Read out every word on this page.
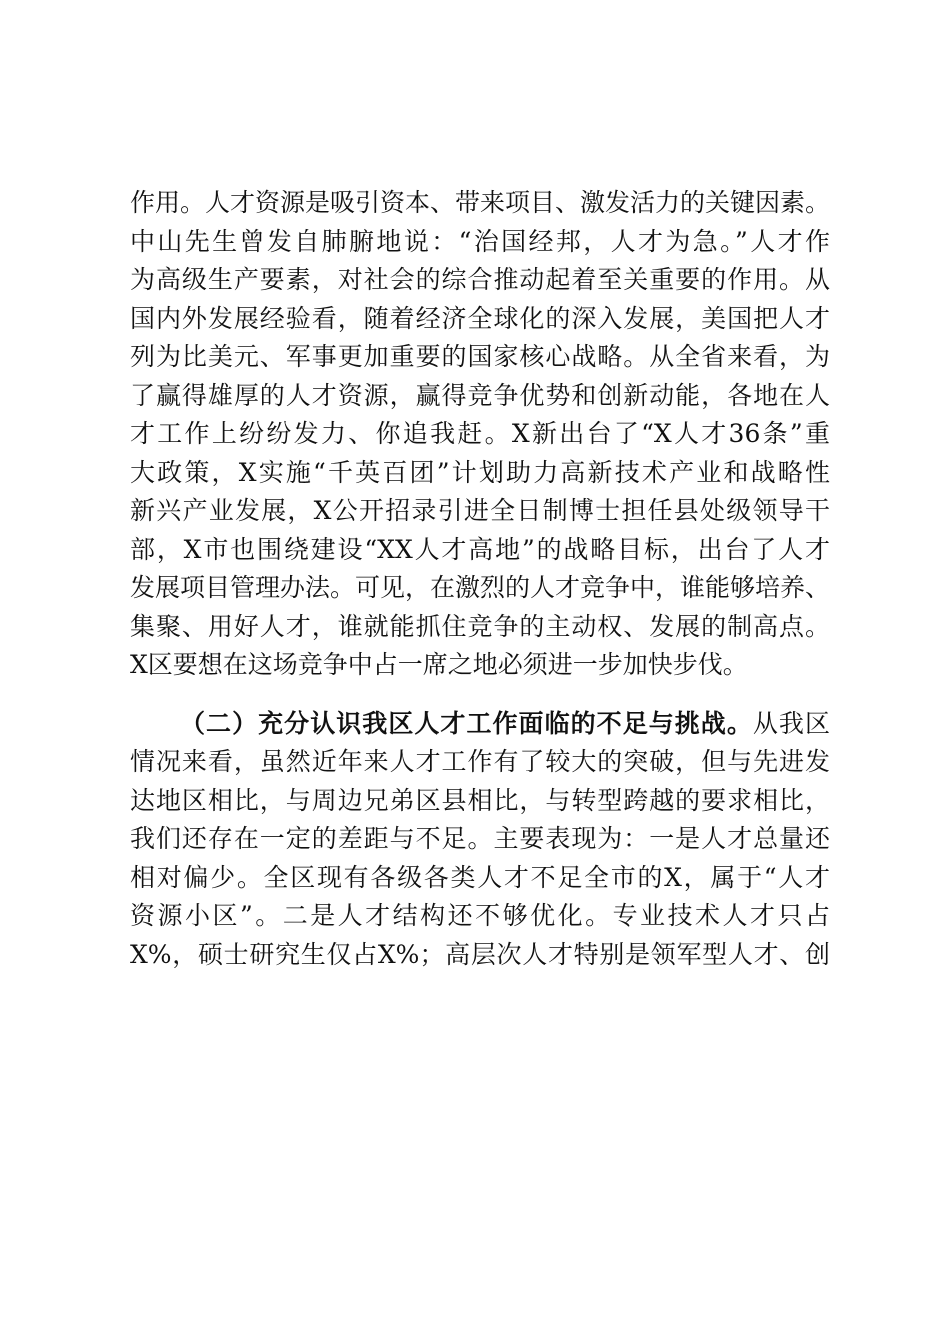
作用。人才资源是吸引资本、带来项目、激发活力的关键因素。
中山先生曾发自肺腑地说：“治国经邦，人才为急。”人才作
为高级生产要素，对社会的综合推动起着至关重要的作用。从
国内外发展经验看，随着经济全球化的深入发展，美国把人才
列为比美元、军事更加重要的国家核心战略。从全省来看，为
了赢得雄厚的人才资源，赢得竞争优势和创新动能，各地在人
才工作上纷纷发力、你追我赶。X新出台了“X人才36条”重
大政策，X实施“千英百团”计划助力高新技术产业和战略性
新兴产业发展，X公开招录引进全日制博士担任县处级领导干
部，X市也围绕建设“XX人才高地”的战略目标，出台了人才
发展项目管理办法。可见，在激烈的人才竞争中，谁能够培养、
集聚、用好人才，谁就能抓住竞争的主动权、发展的制高点。
X区要想在这场竞争中占一席之地必须进一步加快步伐。
（二）充分认识我区人才工作面临的不足与挑战。从我区
情况来看，虽然近年来人才工作有了较大的突破，但与先进发
达地区相比，与周边兄弟区县相比，与转型跨越的要求相比，
我们还存在一定的差距与不足。主要表现为：一是人才总量还
相对偏少。全区现有各级各类人才不足全市的X，属于“人才
资源小区”。二是人才结构还不够优化。专业技术人才只占
X%，硕士研究生仅占X%；高层次人才特别是领军型人才、创
